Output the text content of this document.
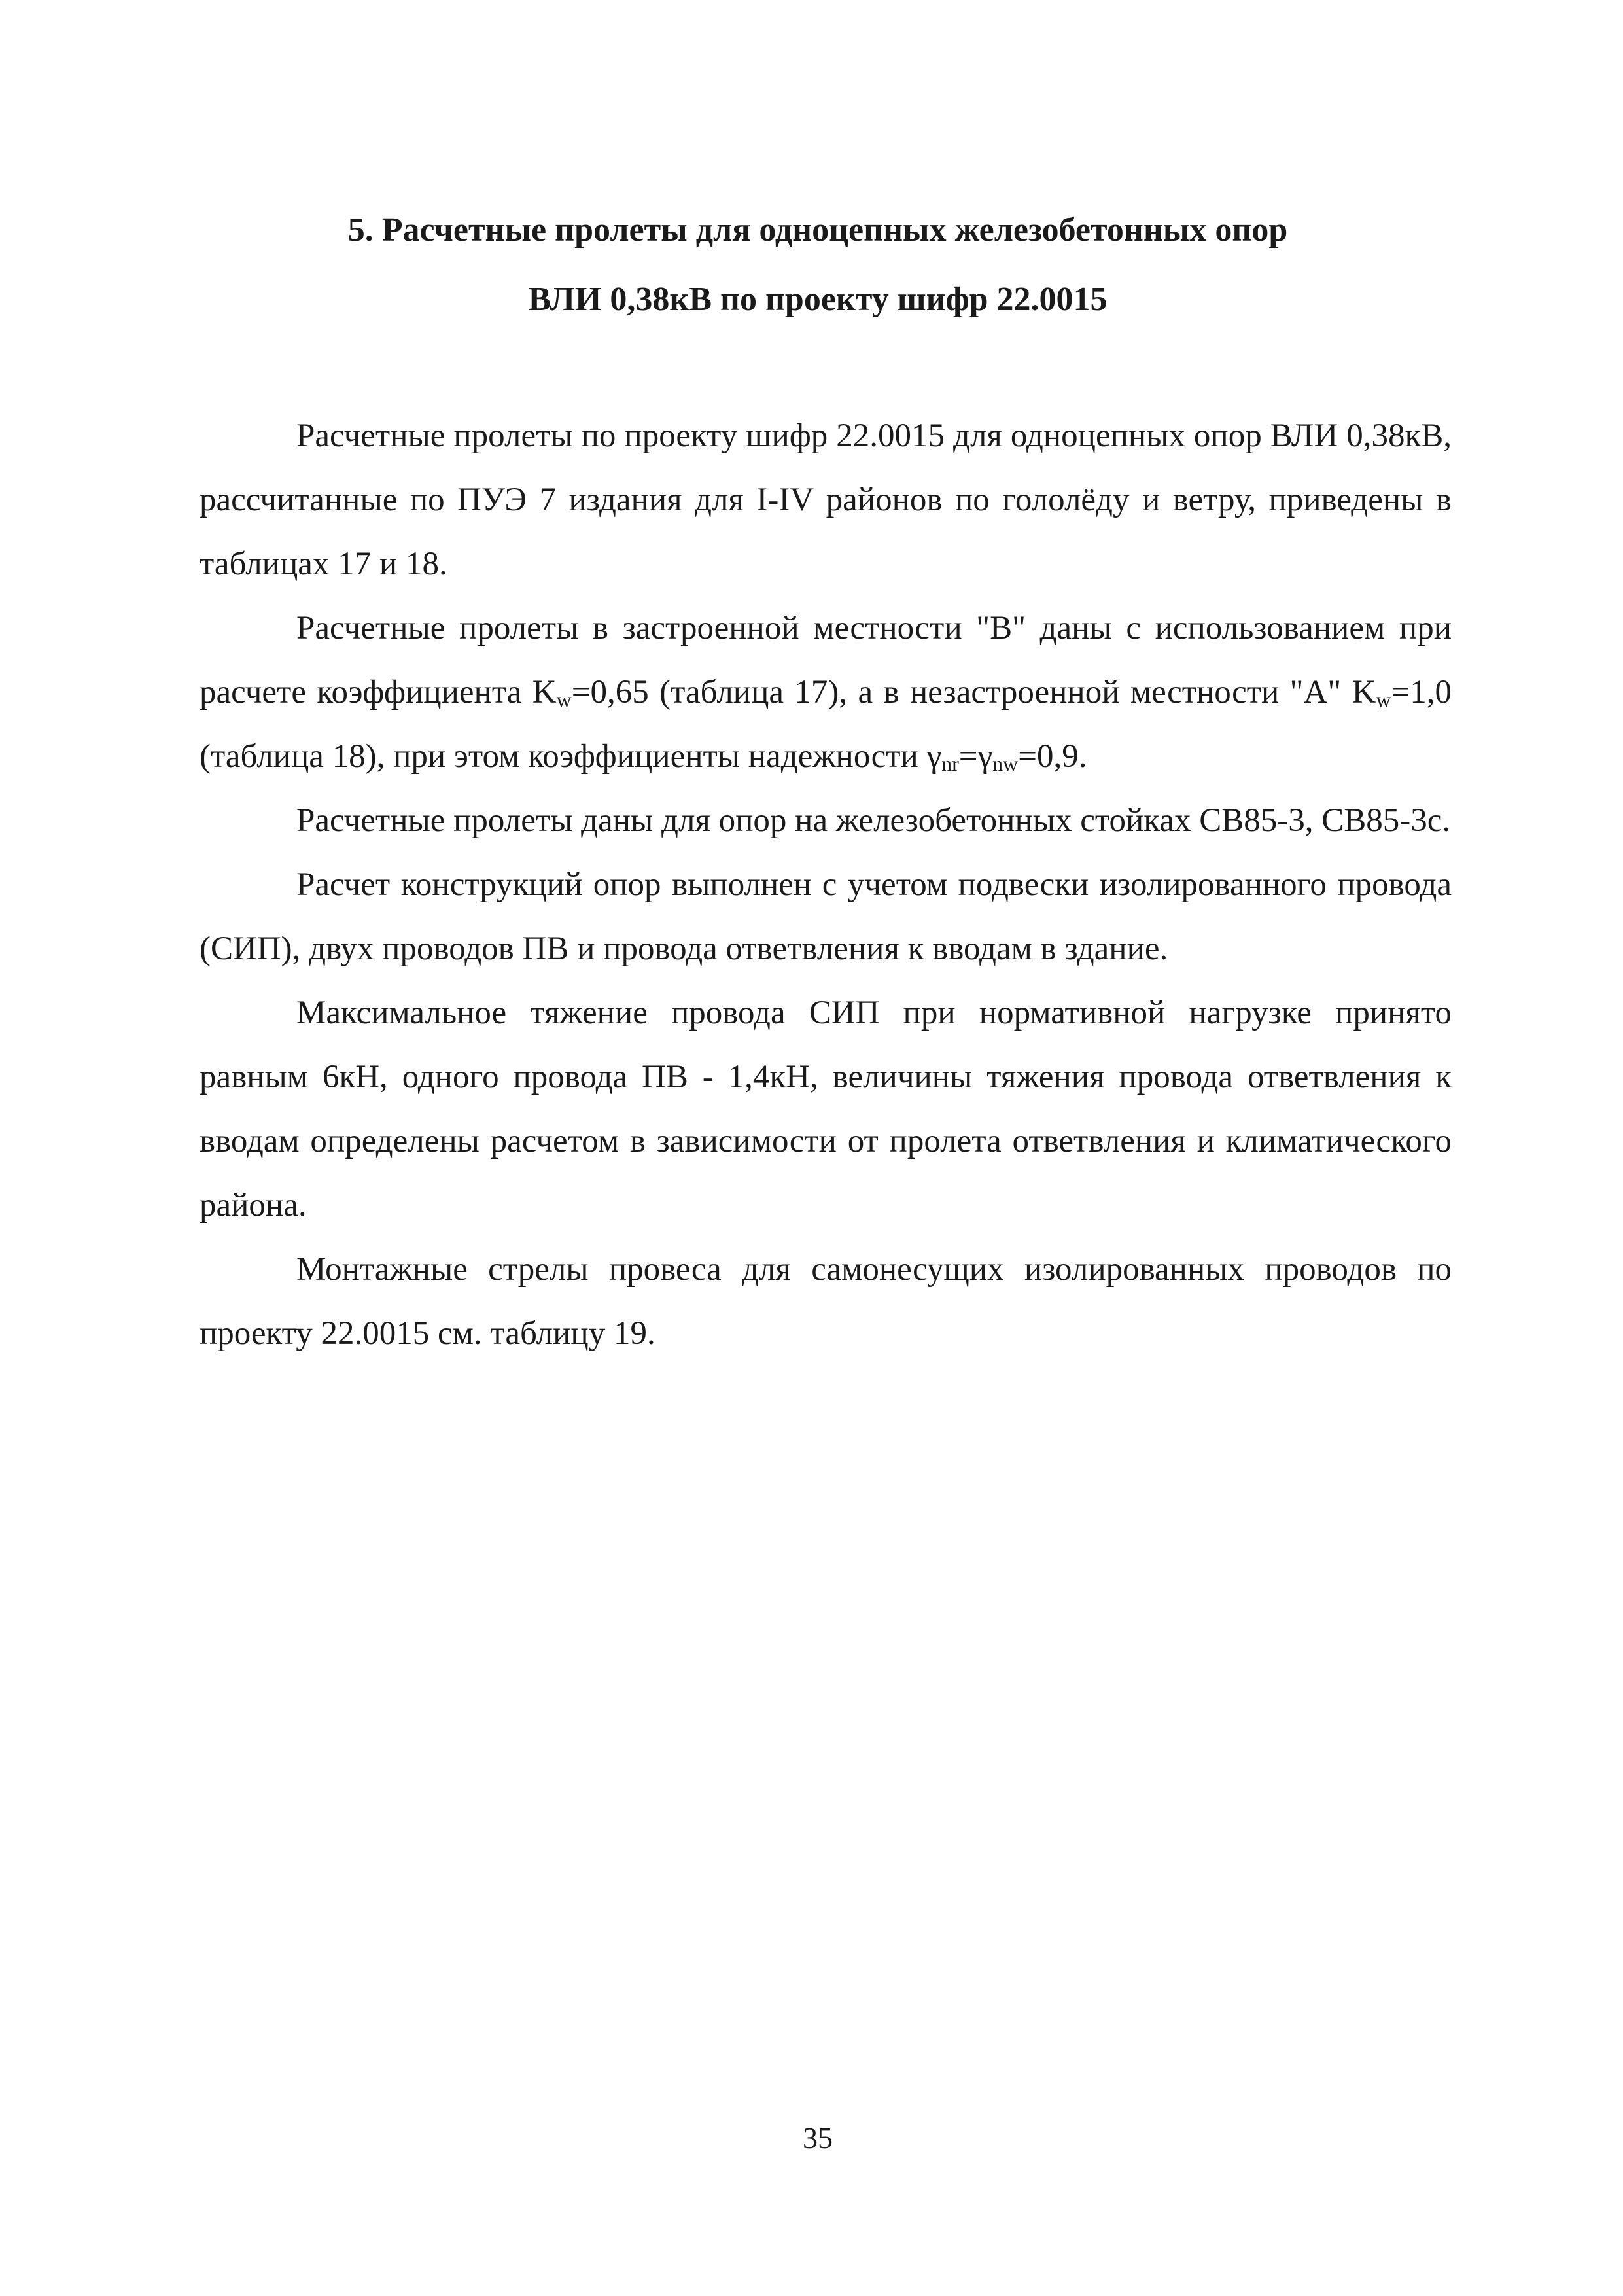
5. Расчетные пролеты для одноцепных железобетонных опор
ВЛИ 0,38кВ по проекту шифр 22.0015

Расчетные пролеты по проекту шифр 22.0015 для одноцепных опор ВЛИ 0,38кВ, рассчитанные по ПУЭ 7 издания для I-IV районов по гололёду и ветру, приведены в таблицах 17 и 18.

Расчетные пролеты в застроенной местности "В" даны с использованием при расчете коэффициента $K_w=0,65$ (таблица 17), а в незастроенной местности "А" $K_w=1,0$ (таблица 18), при этом коэффициенты надежности $\gamma_{nr}=\gamma_{nw}=0,9$.

Расчетные пролеты даны для опор на железобетонных стойках СВ85-3, СВ85-3с.

Расчет конструкций опор выполнен с учетом подвески изолированного провода (СИП), двух проводов ПВ и провода ответвления к вводам в здание.

Максимальное тяжение провода СИП при нормативной нагрузке принято равным 6кН, одного провода ПВ - 1,4кН, величины тяжения провода ответвления к вводам определены расчетом в зависимости от пролета ответвления и климатического района.

Монтажные стрелы провеса для самонесущих изолированных проводов по проекту 22.0015 см. таблицу 19.

35
